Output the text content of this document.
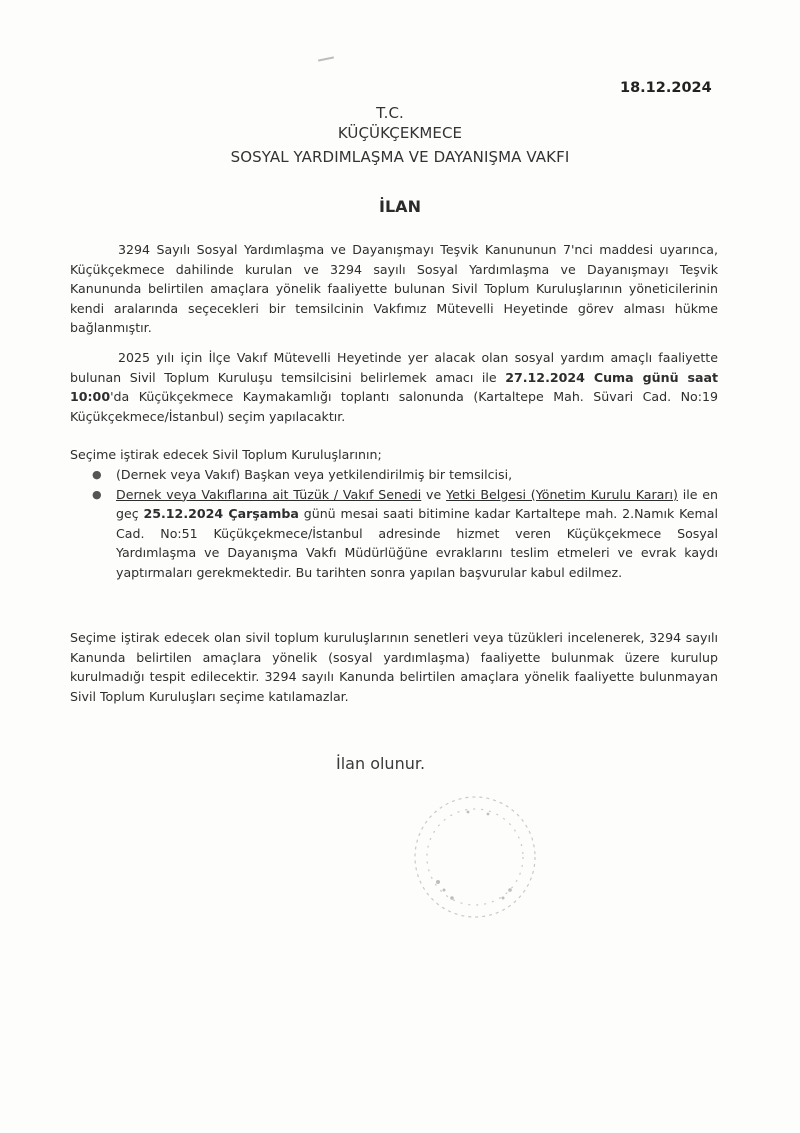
18.12.2024
T.C.
KÜÇÜKÇEKMECE
SOSYAL YARDIMLAŞMA VE DAYANIŞMA VAKFI
İLAN
3294 Sayılı Sosyal Yardımlaşma ve Dayanışmayı Teşvik Kanununun 7'nci maddesi uyarınca, Küçükçekmece dahilinde kurulan ve 3294 sayılı Sosyal Yardımlaşma ve Dayanışmayı Teşvik Kanununda belirtilen amaçlara yönelik faaliyette bulunan Sivil Toplum Kuruluşlarının yöneticilerinin kendi aralarında seçecekleri bir temsilcinin Vakfımız Mütevelli Heyetinde görev alması hükme bağlanmıştır.
2025 yılı için İlçe Vakıf Mütevelli Heyetinde yer alacak olan sosyal yardım amaçlı faaliyette bulunan Sivil Toplum Kuruluşu temsilcisini belirlemek amacı ile 27.12.2024 Cuma günü saat 10:00'da Küçükçekmece Kaymakamlığı toplantı salonunda (Kartaltepe Mah. Süvari Cad. No:19 Küçükçekmece/İstanbul) seçim yapılacaktır.
Seçime iştirak edecek Sivil Toplum Kuruluşlarının;
● (Dernek veya Vakıf) Başkan veya yetkilendirilmiş bir temsilcisi,
● Dernek veya Vakıflarına ait Tüzük / Vakıf Senedi ve Yetki Belgesi (Yönetim Kurulu Kararı) ile en geç 25.12.2024 Çarşamba günü mesai saati bitimine kadar Kartaltepe mah. 2.Namık Kemal Cad. No:51 Küçükçekmece/İstanbul adresinde hizmet veren Küçükçekmece Sosyal Yardımlaşma ve Dayanışma Vakfı Müdürlüğüne evraklarını teslim etmeleri ve evrak kaydı yaptırmaları gerekmektedir. Bu tarihten sonra yapılan başvurular kabul edilmez.
Seçime iştirak edecek olan sivil toplum kuruluşlarının senetleri veya tüzükleri incelenerek, 3294 sayılı Kanunda belirtilen amaçlara yönelik (sosyal yardımlaşma) faaliyette bulunmak üzere kurulup kurulmadığı tespit edilecektir. 3294 sayılı Kanunda belirtilen amaçlara yönelik faaliyette bulunmayan Sivil Toplum Kuruluşları seçime katılamazlar.
İlan olunur.
